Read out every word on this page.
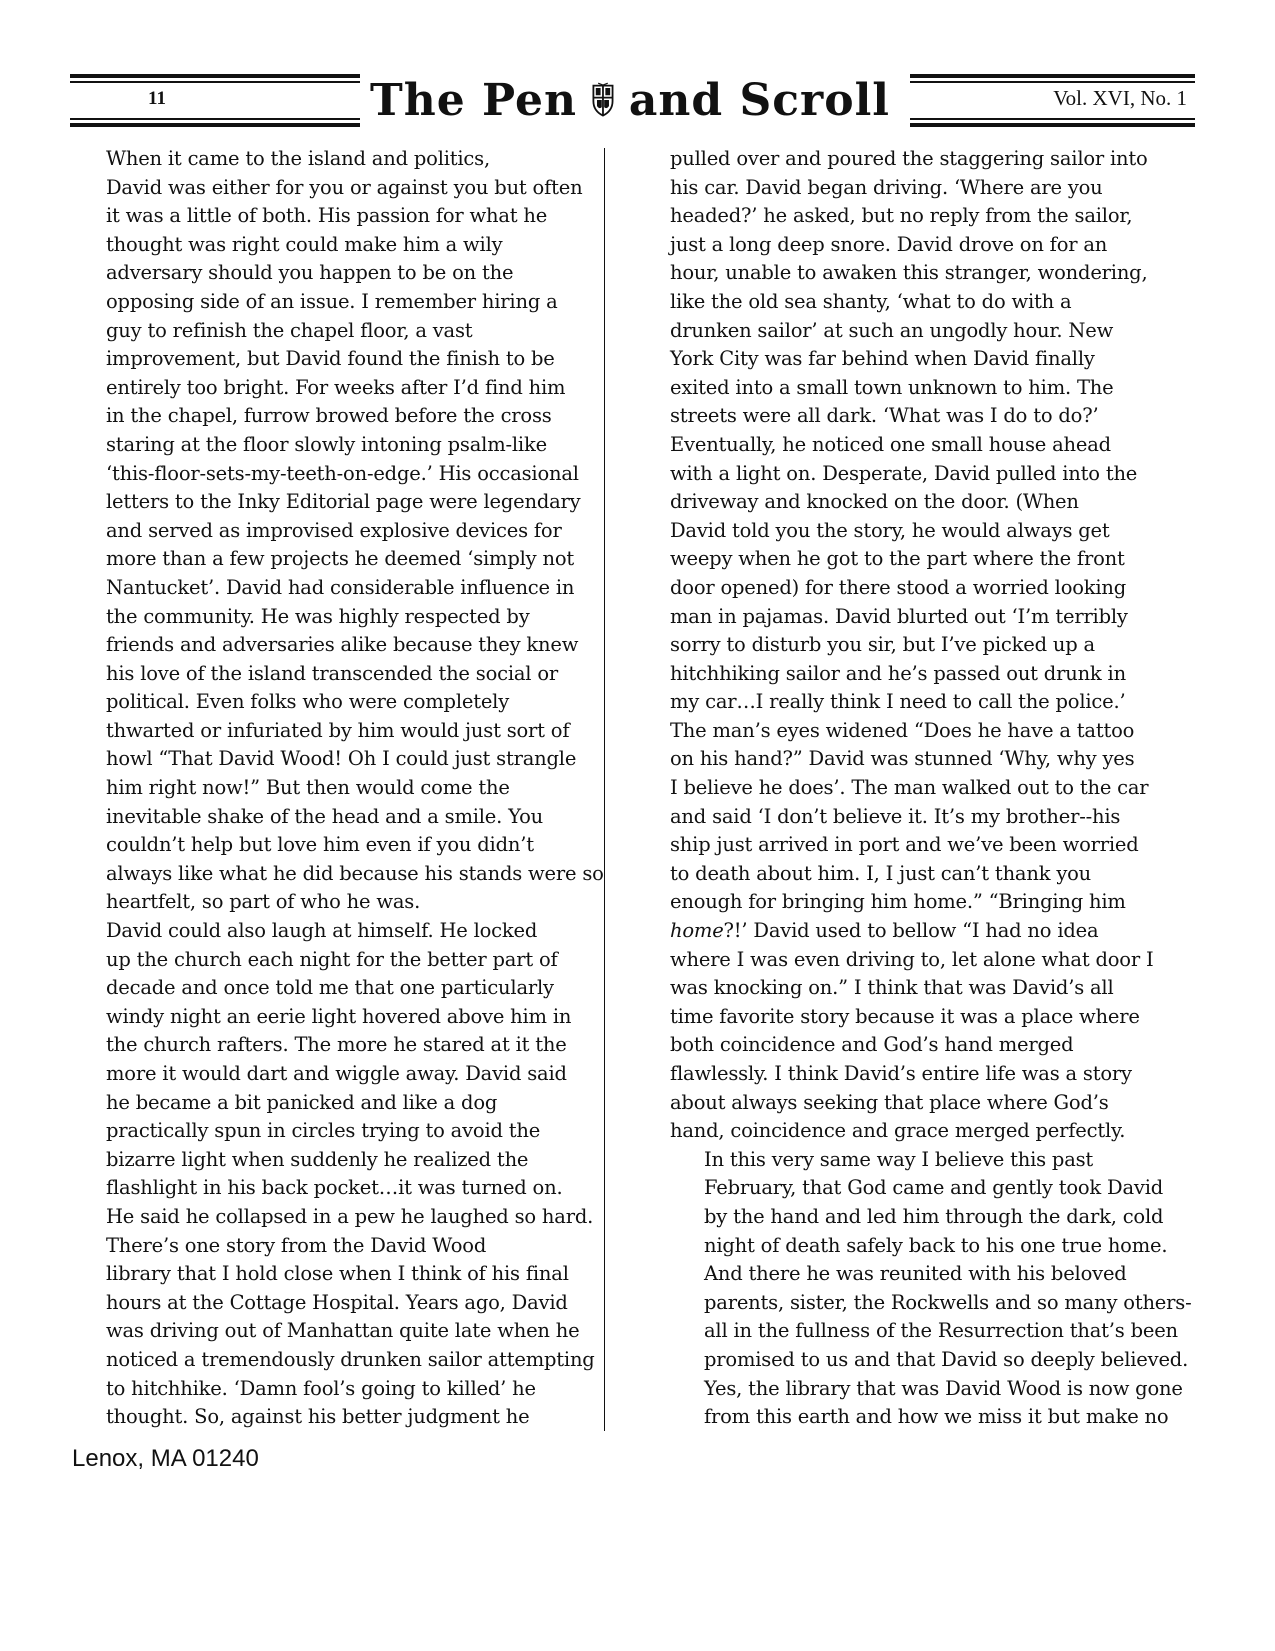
11	The Pen and Scroll	Vol. XVI, No. 1

When it came to the island and politics,
David was either for you or against you but often
it was a little of both. His passion for what he
thought was right could make him a wily
adversary should you happen to be on the
opposing side of an issue. I remember hiring a
guy to refinish the chapel floor, a vast
improvement, but David found the finish to be
entirely too bright. For weeks after I’d find him
in the chapel, furrow browed before the cross
staring at the floor slowly intoning psalm-like
‘this-floor-sets-my-teeth-on-edge.’ His occasional
letters to the Inky Editorial page were legendary
and served as improvised explosive devices for
more than a few projects he deemed ‘simply not
Nantucket’. David had considerable influence in
the community. He was highly respected by
friends and adversaries alike because they knew
his love of the island transcended the social or
political. Even folks who were completely
thwarted or infuriated by him would just sort of
howl “That David Wood! Oh I could just strangle
him right now!” But then would come the
inevitable shake of the head and a smile. You
couldn’t help but love him even if you didn’t
always like what he did because his stands were so
heartfelt, so part of who he was.

David could also laugh at himself. He locked
up the church each night for the better part of
decade and once told me that one particularly
windy night an eerie light hovered above him in
the church rafters. The more he stared at it the
more it would dart and wiggle away. David said
he became a bit panicked and like a dog
practically spun in circles trying to avoid the
bizarre light when suddenly he realized the
flashlight in his back pocket…it was turned on.
He said he collapsed in a pew he laughed so hard.

There’s one story from the David Wood
library that I hold close when I think of his final
hours at the Cottage Hospital. Years ago, David
was driving out of Manhattan quite late when he
noticed a tremendously drunken sailor attempting
to hitchhike. ‘Damn fool’s going to killed’ he
thought. So, against his better judgment he

pulled over and poured the staggering sailor into
his car. David began driving. ‘Where are you
headed?’ he asked, but no reply from the sailor,
just a long deep snore. David drove on for an
hour, unable to awaken this stranger, wondering,
like the old sea shanty, ‘what to do with a
drunken sailor’ at such an ungodly hour. New
York City was far behind when David finally
exited into a small town unknown to him. The
streets were all dark. ‘What was I do to do?’
Eventually, he noticed one small house ahead
with a light on. Desperate, David pulled into the
driveway and knocked on the door. (When
David told you the story, he would always get
weepy when he got to the part where the front
door opened) for there stood a worried looking
man in pajamas. David blurted out ‘I’m terribly
sorry to disturb you sir, but I’ve picked up a
hitchhiking sailor and he’s passed out drunk in
my car…I really think I need to call the police.’
The man’s eyes widened “Does he have a tattoo
on his hand?” David was stunned ‘Why, why yes
I believe he does’. The man walked out to the car
and said ‘I don’t believe it. It’s my brother--his
ship just arrived in port and we’ve been worried
to death about him. I, I just can’t thank you
enough for bringing him home.” “Bringing him
home?!’ David used to bellow “I had no idea
where I was even driving to, let alone what door I
was knocking on.” I think that was David’s all
time favorite story because it was a place where
both coincidence and God’s hand merged
flawlessly. I think David’s entire life was a story
about always seeking that place where God’s
hand, coincidence and grace merged perfectly.

In this very same way I believe this past
February, that God came and gently took David
by the hand and led him through the dark, cold
night of death safely back to his one true home.
And there he was reunited with his beloved
parents, sister, the Rockwells and so many others-
all in the fullness of the Resurrection that’s been
promised to us and that David so deeply believed.
Yes, the library that was David Wood is now gone
from this earth and how we miss it but make no

Lenox, MA 01240
